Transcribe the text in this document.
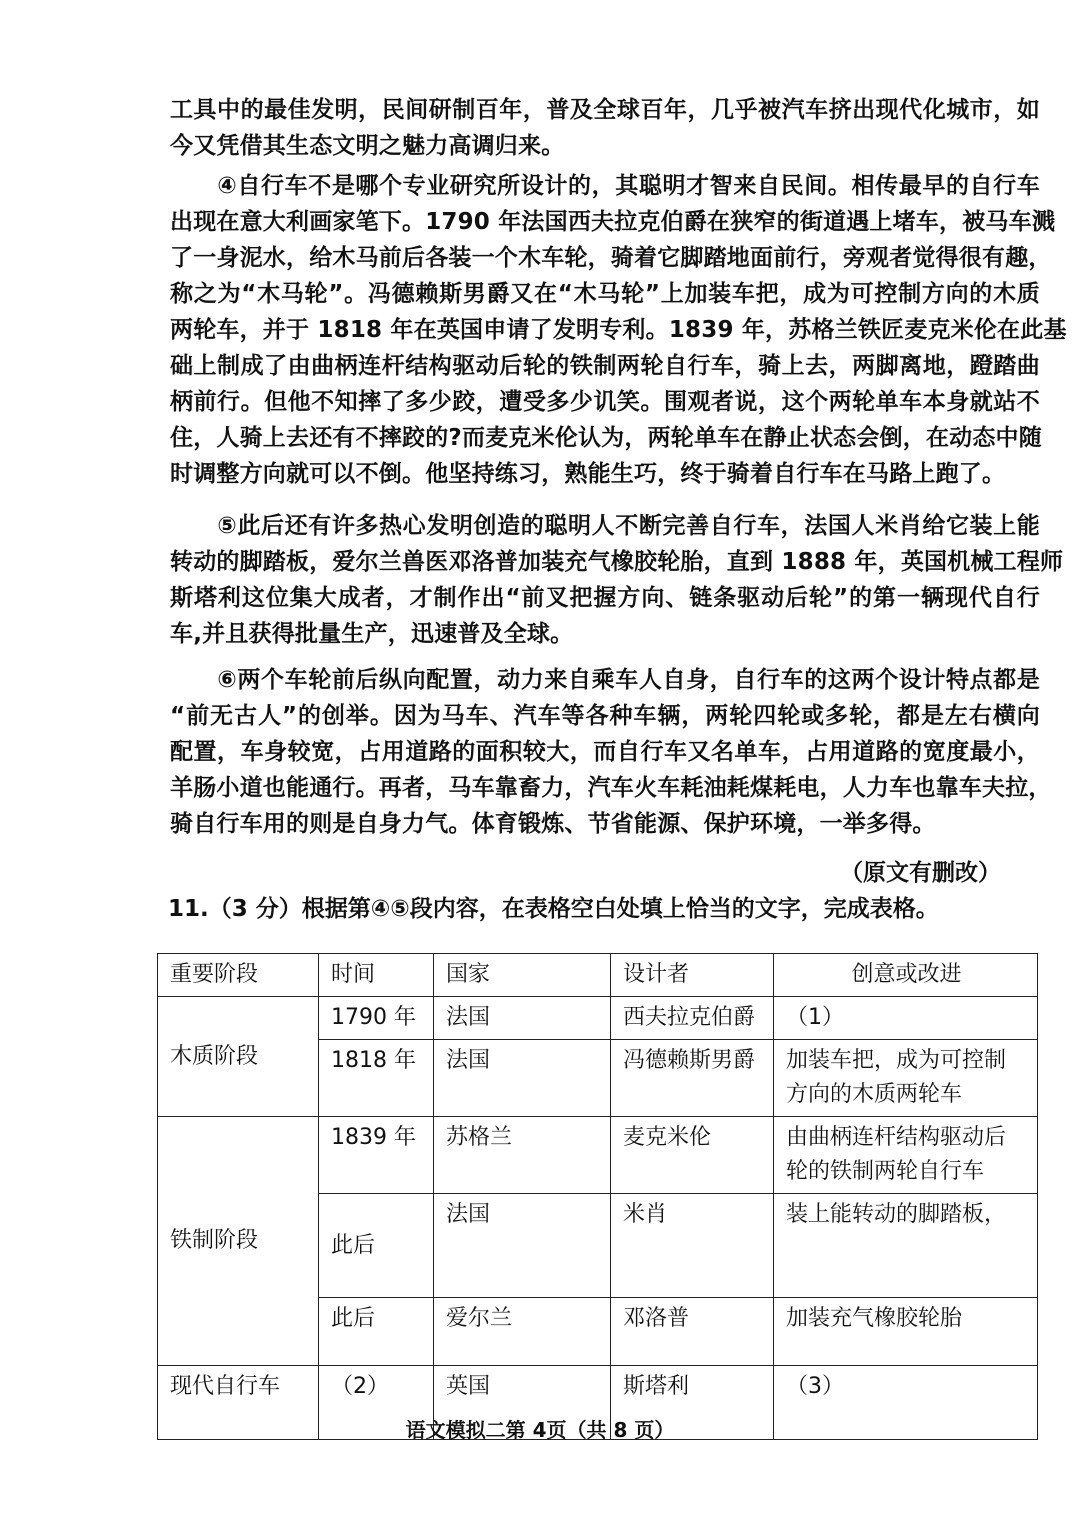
工具中的最佳发明，民间研制百年，普及全球百年，几乎被汽车挤出现代化城市，如
今又凭借其生态文明之魅力高调归来。
　　④自行车不是哪个专业研究所设计的，其聪明才智来自民间。相传最早的自行车
出现在意大利画家笔下。1790 年法国西夫拉克伯爵在狭窄的街道遇上堵车，被马车溅
了一身泥水，给木马前后各装一个木车轮，骑着它脚踏地面前行，旁观者觉得很有趣，
称之为“木马轮”。冯德赖斯男爵又在“木马轮”上加装车把，成为可控制方向的木质
两轮车，并于 1818 年在英国申请了发明专利。1839 年，苏格兰铁匠麦克米伦在此基
础上制成了由曲柄连杆结构驱动后轮的铁制两轮自行车，骑上去，两脚离地，蹬踏曲
柄前行。但他不知摔了多少跤，遭受多少讥笑。围观者说，这个两轮单车本身就站不
住，人骑上去还有不摔跤的?而麦克米伦认为，两轮单车在静止状态会倒，在动态中随
时调整方向就可以不倒。他坚持练习，熟能生巧，终于骑着自行车在马路上跑了。
　　⑤此后还有许多热心发明创造的聪明人不断完善自行车，法国人米肖给它装上能
转动的脚踏板，爱尔兰兽医邓洛普加装充气橡胶轮胎，直到 1888 年，英国机械工程师
斯塔利这位集大成者，才制作出“前叉把握方向、链条驱动后轮”的第一辆现代自行
车,并且获得批量生产，迅速普及全球。
　　⑥两个车轮前后纵向配置，动力来自乘车人自身，自行车的这两个设计特点都是
“前无古人”的创举。因为马车、汽车等各种车辆，两轮四轮或多轮，都是左右横向
配置，车身较宽，占用道路的面积较大，而自行车又名单车，占用道路的宽度最小，
羊肠小道也能通行。再者，马车靠畜力，汽车火车耗油耗煤耗电，人力车也靠车夫拉，
骑自行车用的则是自身力气。体育锻炼、节省能源、保护环境，一举多得。
（原文有删改）
11.（3 分）根据第④⑤段内容，在表格空白处填上恰当的文字，完成表格。
重要阶段	时间	国家	设计者	创意或改进
木质阶段	1790 年	法国	西夫拉克伯爵	（1）
	1818 年	法国	冯德赖斯男爵	加装车把，成为可控制方向的木质两轮车
铁制阶段	1839 年	苏格兰	麦克米伦	由曲柄连杆结构驱动后轮的铁制两轮自行车
	此后	法国	米肖	装上能转动的脚踏板，
	此后	爱尔兰	邓洛普	加装充气橡胶轮胎
现代自行车	（2）	英国	斯塔利	（3）
语文模拟二第 4页（共 8 页）
